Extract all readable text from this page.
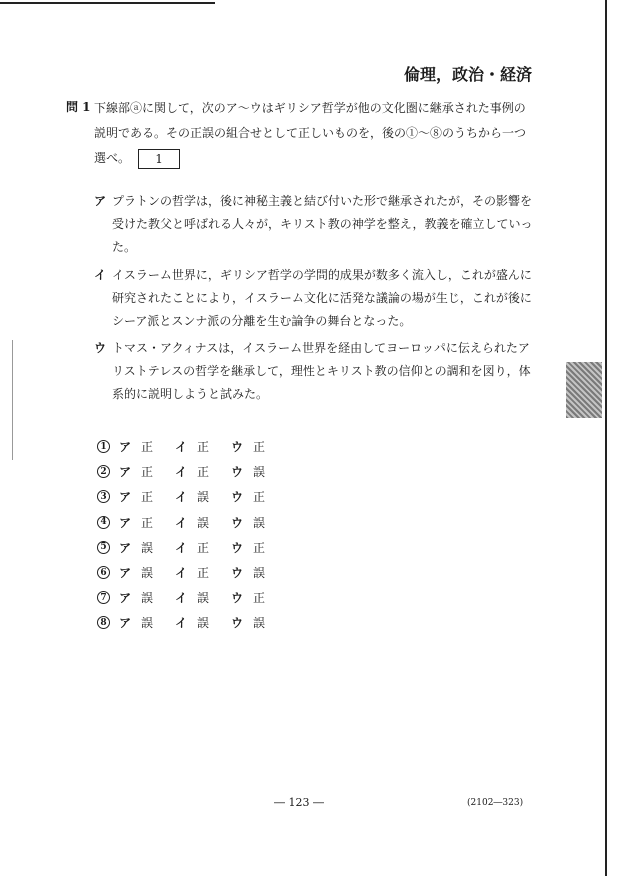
倫理，政治・経済
問 1 下線部ⓐに関して，次のア～ウはギリシア哲学が他の文化圏に継承された事例の説明である。その正誤の組合せとして正しいものを，後の①～⑧のうちから一つ選べ。 1
ア プラトンの哲学は，後に神秘主義と結び付いた形で継承されたが，その影響を受けた教父と呼ばれる人々が，キリスト教の神学を整え，教義を確立していった。
イ イスラーム世界に，ギリシア哲学の学問的成果が数多く流入し，これが盛んに研究されたことにより，イスラーム文化に活発な議論の場が生じ，これが後にシーア派とスンナ派の分離を生む論争の舞台となった。
ウ トマス・アクィナスは，イスラーム世界を経由してヨーロッパに伝えられたアリストテレスの哲学を継承して，理性とキリスト教の信仰との調和を図り，体系的に説明しようと試みた。
1 ア 正	イ 正	ウ 正
2 ア 正	イ 正	ウ 誤
3 ア 正	イ 誤	ウ 正
4 ア 正	イ 誤	ウ 誤
5 ア 誤	イ 正	ウ 正
6 ア 誤	イ 正	ウ 誤
7 ア 誤	イ 誤	ウ 正
8 ア 誤	イ 誤	ウ 誤
― 123 ―	(2102―323)
